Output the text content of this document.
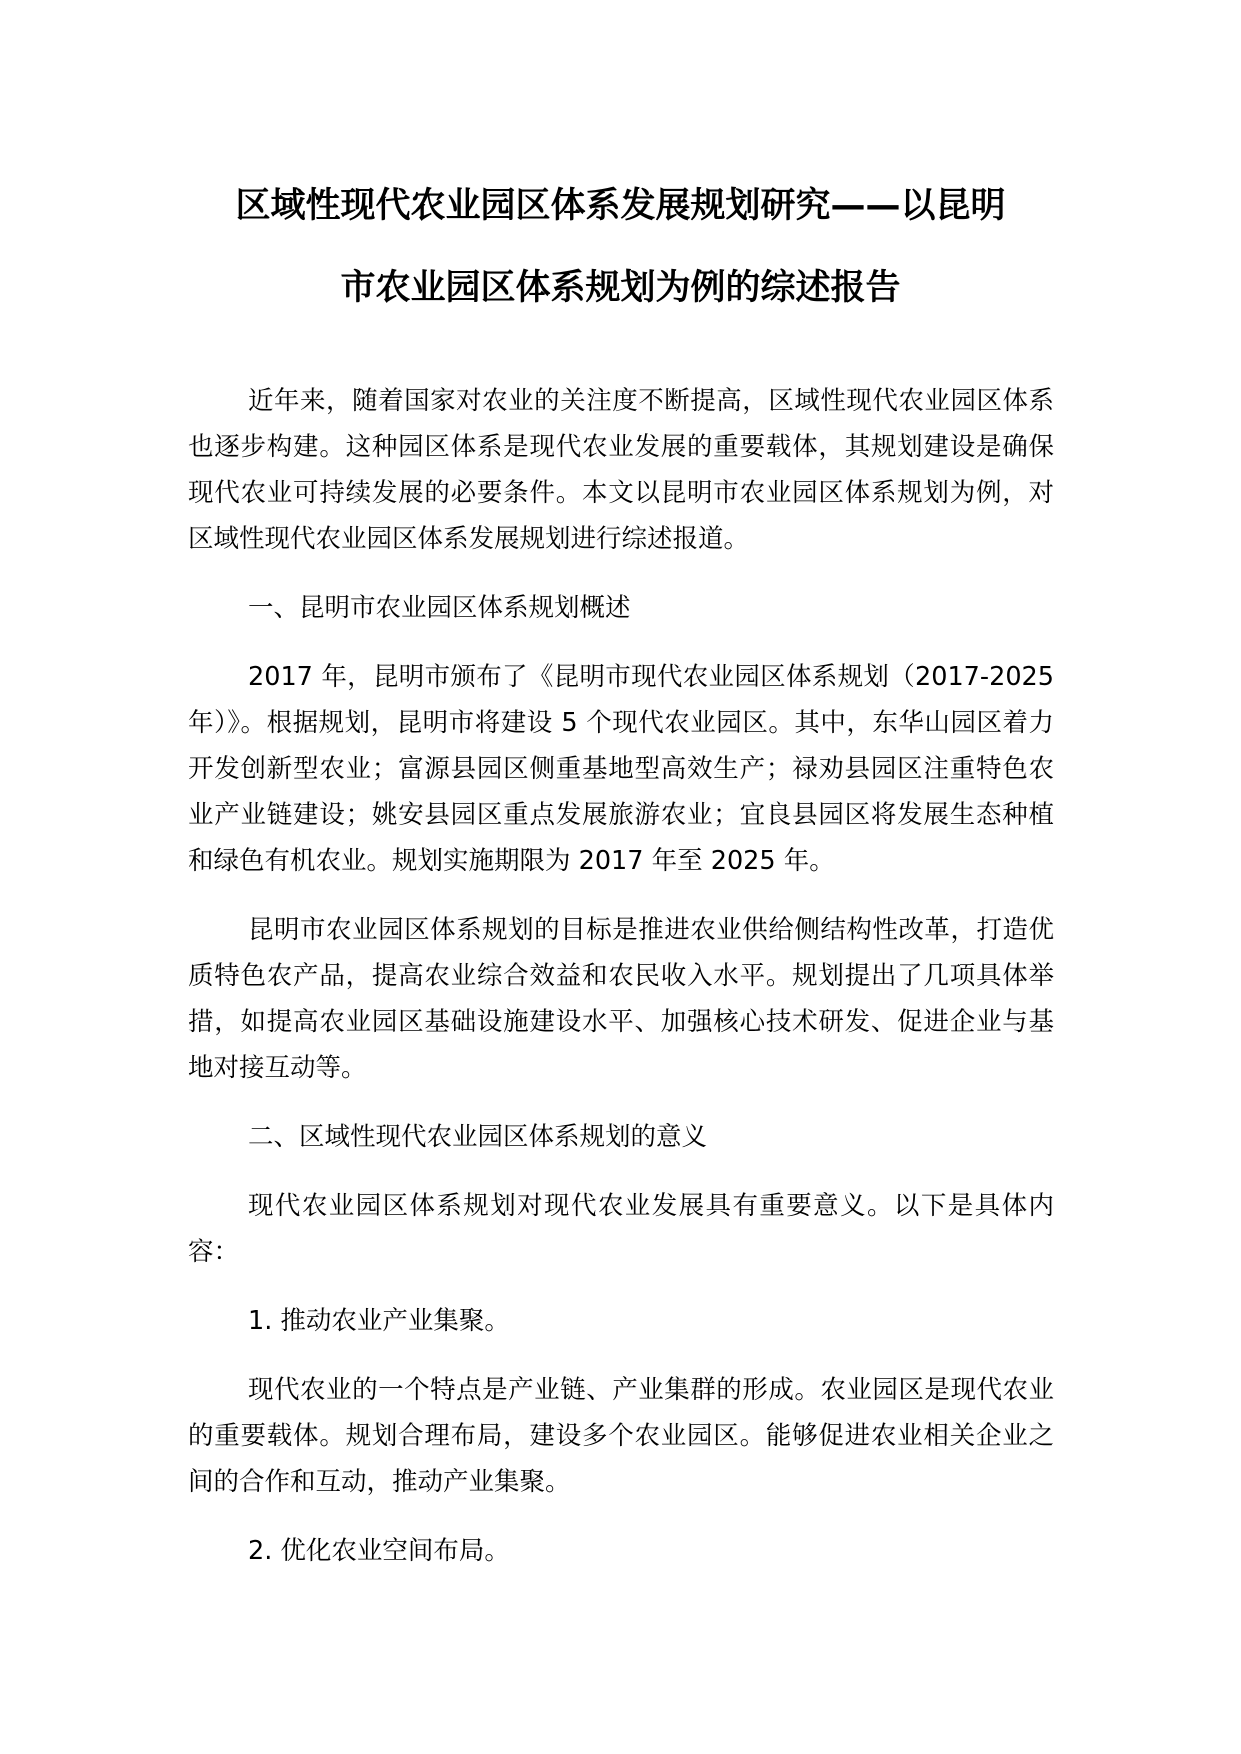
区域性现代农业园区体系发展规划研究——以昆明
市农业园区体系规划为例的综述报告

近年来，随着国家对农业的关注度不断提高，区域性现代农业园区体系也逐步构建。这种园区体系是现代农业发展的重要载体，其规划建设是确保现代农业可持续发展的必要条件。本文以昆明市农业园区体系规划为例，对区域性现代农业园区体系发展规划进行综述报道。

一、昆明市农业园区体系规划概述

2017 年，昆明市颁布了《昆明市现代农业园区体系规划（2017-2025 年）》。根据规划，昆明市将建设 5 个现代农业园区。其中，东华山园区着力开发创新型农业；富源县园区侧重基地型高效生产；禄劝县园区注重特色农业产业链建设；姚安县园区重点发展旅游农业；宜良县园区将发展生态种植和绿色有机农业。规划实施期限为 2017 年至 2025 年。

昆明市农业园区体系规划的目标是推进农业供给侧结构性改革，打造优质特色农产品，提高农业综合效益和农民收入水平。规划提出了几项具体举措，如提高农业园区基础设施建设水平、加强核心技术研发、促进企业与基地对接互动等。

二、区域性现代农业园区体系规划的意义

现代农业园区体系规划对现代农业发展具有重要意义。以下是具体内容：

1. 推动农业产业集聚。

现代农业的一个特点是产业链、产业集群的形成。农业园区是现代农业的重要载体。规划合理布局，建设多个农业园区。能够促进农业相关企业之间的合作和互动，推动产业集聚。

2. 优化农业空间布局。
